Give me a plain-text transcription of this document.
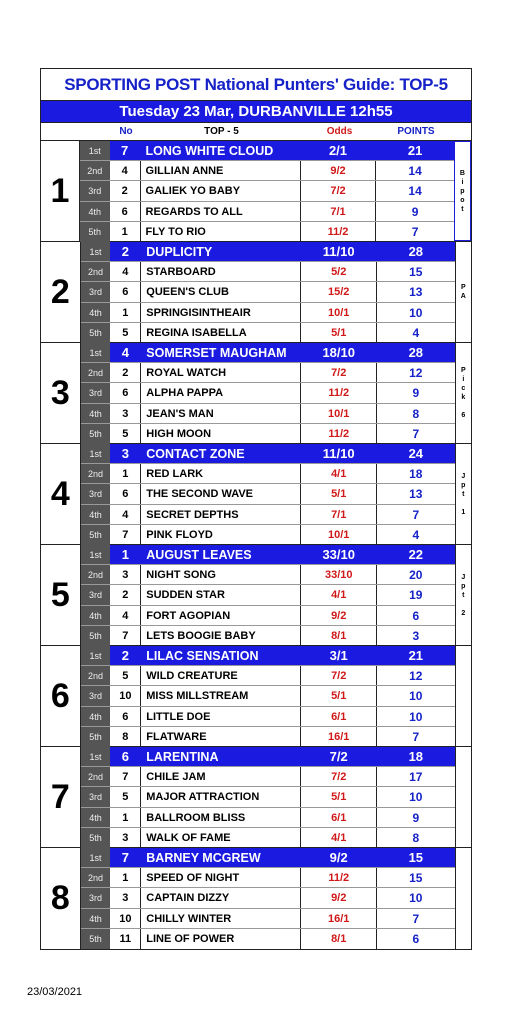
SPORTING POST National Punters' Guide: TOP-5
Tuesday 23 Mar, DURBANVILLE 12h55
No	TOP - 5	Odds	POINTS
1
1st	7	LONG WHITE CLOUD	2/1	21
2nd	4	GILLIAN ANNE	9/2	14
3rd	2	GALIEK YO BABY	7/2	14
4th	6	REGARDS TO ALL	7/1	9
5th	1	FLY TO RIO	11/2	7
B
i
p
o
t
2
1st	2	DUPLICITY	11/10	28
2nd	4	STARBOARD	5/2	15
3rd	6	QUEEN'S CLUB	15/2	13
4th	1	SPRINGISINTHEAIR	10/1	10
5th	5	REGINA ISABELLA	5/1	4
P
A
3
1st	4	SOMERSET MAUGHAM	18/10	28
2nd	2	ROYAL WATCH	7/2	12
3rd	6	ALPHA PAPPA	11/2	9
4th	3	JEAN'S MAN	10/1	8
5th	5	HIGH MOON	11/2	7
P
i
c
k
6
4
1st	3	CONTACT ZONE	11/10	24
2nd	1	RED LARK	4/1	18
3rd	6	THE SECOND WAVE	5/1	13
4th	4	SECRET DEPTHS	7/1	7
5th	7	PINK FLOYD	10/1	4
J
p
t
1
5
1st	1	AUGUST LEAVES	33/10	22
2nd	3	NIGHT SONG	33/10	20
3rd	2	SUDDEN STAR	4/1	19
4th	4	FORT AGOPIAN	9/2	6
5th	7	LETS BOOGIE BABY	8/1	3
J
p
t
2
6
1st	2	LILAC SENSATION	3/1	21
2nd	5	WILD CREATURE	7/2	12
3rd	10	MISS MILLSTREAM	5/1	10
4th	6	LITTLE DOE	6/1	10
5th	8	FLATWARE	16/1	7
7
1st	6	LARENTINA	7/2	18
2nd	7	CHILE JAM	7/2	17
3rd	5	MAJOR ATTRACTION	5/1	10
4th	1	BALLROOM BLISS	6/1	9
5th	3	WALK OF FAME	4/1	8
8
1st	7	BARNEY MCGREW	9/2	15
2nd	1	SPEED OF NIGHT	11/2	15
3rd	3	CAPTAIN DIZZY	9/2	10
4th	10	CHILLY WINTER	16/1	7
5th	11	LINE OF POWER	8/1	6
23/03/2021
